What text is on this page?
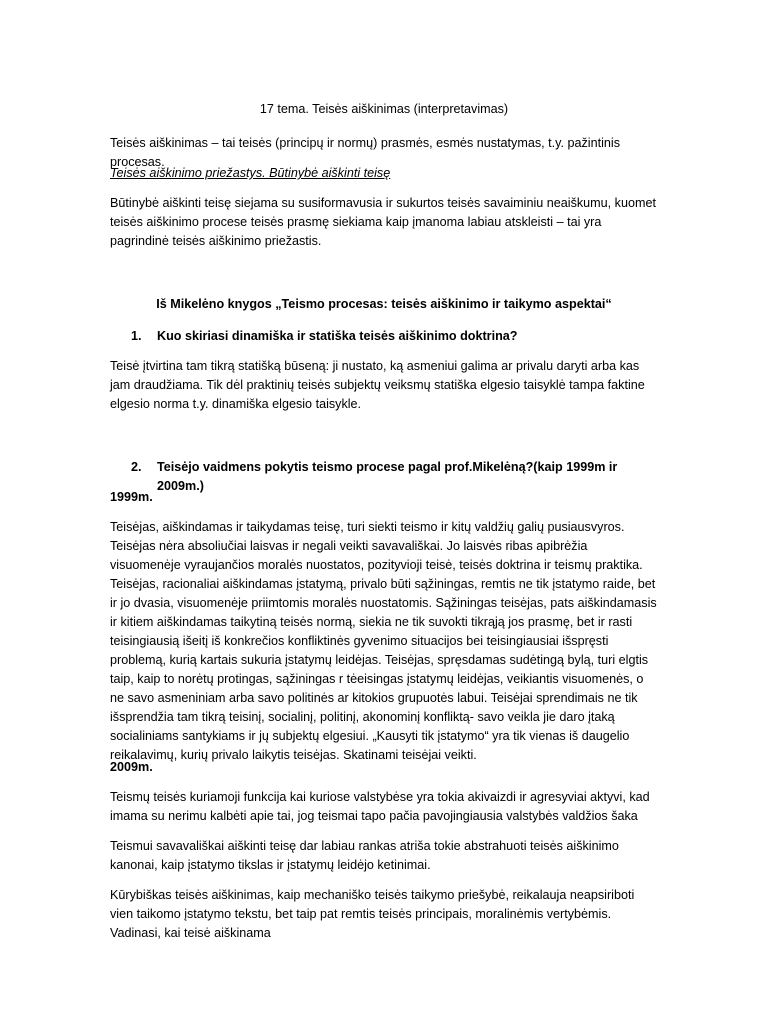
17 tema. Teisės aiškinimas (interpretavimas)

Teisės aiškinimas – tai teisės (principų ir normų) prasmės, esmės nustatymas, t.y. pažintinis procesas.

Teisės aiškinimo priežastys. Būtinybė aiškinti teisę

Būtinybė aiškinti teisę siejama su susiformavusia ir sukurtos teisės savaiminiu neaiškumu, kuomet teisės aiškinimo procese teisės prasmę siekiama kaip įmanoma labiau atskleisti – tai yra pagrindinė teisės aiškinimo priežastis.

Iš Mikelėno knygos „Teismo procesas: teisės aiškinimo ir taikymo aspektai“

1.	Kuo skiriasi dinamiška ir statiška teisės aiškinimo doktrina?

Teisė įtvirtina tam tikrą statišką būseną: ji nustato, ką asmeniui galima ar privalu daryti arba kas jam draudžiama. Tik dėl praktinių teisės subjektų veiksmų statiška elgesio taisyklė tampa faktine elgesio norma t.y. dinamiška elgesio taisykle.

2.	Teisėjo vaidmens pokytis teismo procese pagal prof.Mikelėną?(kaip 1999m ir 2009m.)

1999m.

Teisėjas, aiškindamas ir taikydamas teisę, turi siekti teismo ir kitų valdžių galių pusiausvyros. Teisėjas nėra absoliučiai laisvas ir negali veikti savavališkai. Jo laisvės ribas apibrėžia visuomenėje vyraujančios moralės nuostatos, pozityvioji teisė, teisės doktrina ir teismų praktika. Teisėjas, racionaliai aiškindamas įstatymą, privalo būti sąžiningas, remtis ne tik įstatymo raide, bet ir jo dvasia, visuomenėje priimtomis moralės nuostatomis. Sąžiningas teisėjas, pats aiškindamasis ir kitiem aiškindamas taikytiną teisės normą, siekia ne tik suvokti tikrąją jos prasmę, bet ir rasti teisingiausią išeitį iš konkrečios konfliktinės gyvenimo situacijos bei teisingiausiai išspręsti problemą, kurią kartais sukuria įstatymų leidėjas. Teisėjas, spręsdamas sudėtingą bylą, turi elgtis taip, kaip to norėtų protingas, sąžiningas r tėeisingas įstatymų leidėjas, veikiantis visuomenės, o ne savo asmeniniam arba savo politinės ar kitokios grupuotės labui. Teisėjai sprendimais ne tik išsprendžia tam tikrą teisinį, socialinį, politinį, akonominį konfliktą- savo veikla jie daro įtaką socialiniams santykiams ir jų subjektų elgesiui. „Kausyti tik įstatymo“ yra tik vienas iš daugelio reikalavimų, kurių privalo laikytis teisėjas. Skatinami teisėjai veikti.

2009m.

Teismų teisės kuriamoji funkcija kai kuriose valstybėse yra tokia akivaizdi ir agresyviai aktyvi, kad imama su nerimu kalbėti apie tai, jog teismai tapo pačia pavojingiausia valstybės valdžios šaka

Teismui savavališkai aiškinti teisę dar labiau rankas atriša tokie abstrahuoti teisės aiškinimo kanonai, kaip įstatymo tikslas ir įstatymų leidėjo ketinimai.

Kūrybiškas teisės aiškinimas, kaip mechaniško teisės taikymo priešybė, reikalauja neapsiriboti vien taikomo įstatymo tekstu, bet taip pat remtis teisės principais, moralinėmis vertybėmis. Vadinasi, kai teisė aiškinama
